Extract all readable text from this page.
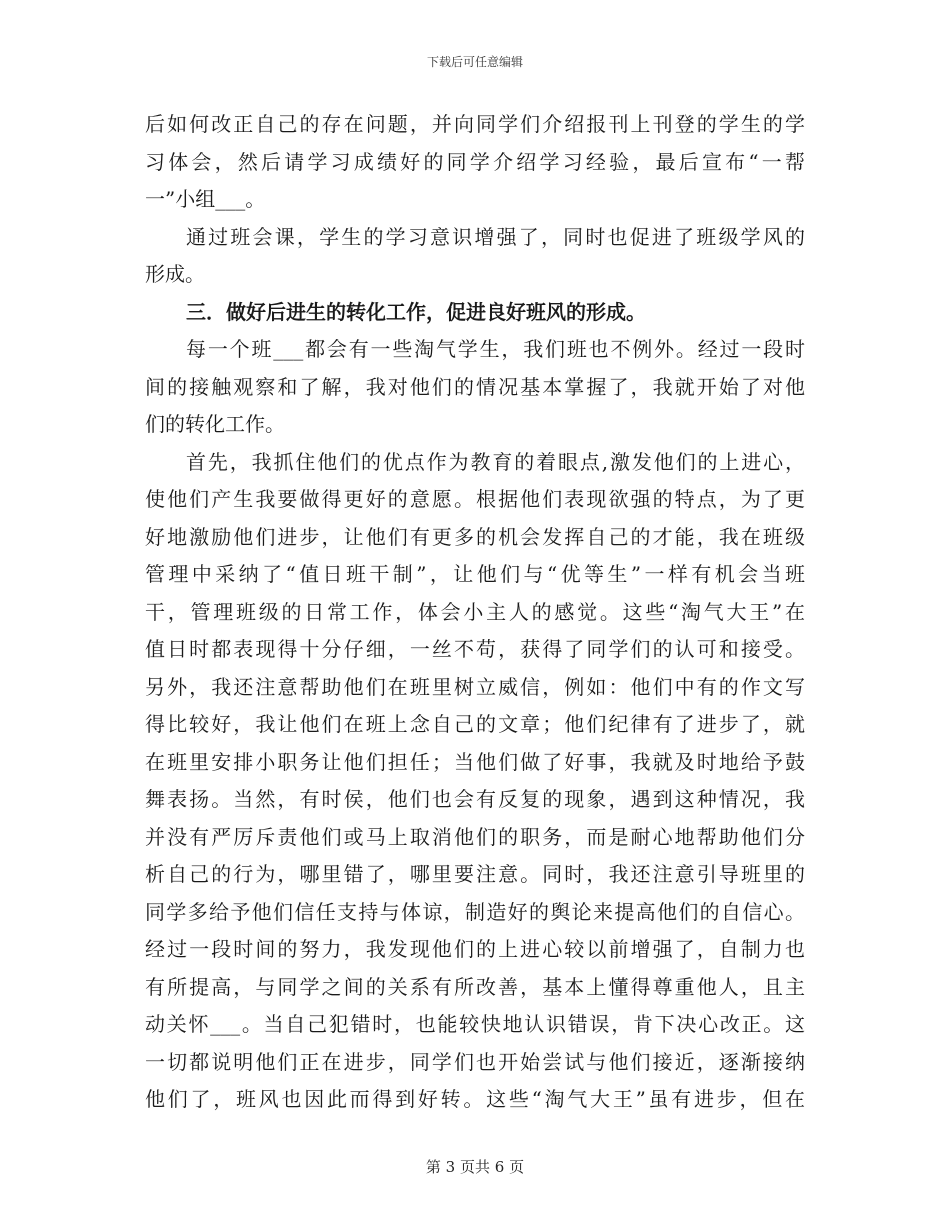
下载后可任意编辑
后如何改正自己的存在问题，并向同学们介绍报刊上刊登的学生的学
习体会，然后请学习成绩好的同学介绍学习经验，最后宣布“一帮
一”小组___。
通过班会课，学生的学习意识增强了，同时也促进了班级学风的
形成。
三．做好后进生的转化工作，促进良好班风的形成。
每一个班___都会有一些淘气学生，我们班也不例外。经过一段时
间的接触观察和了解，我对他们的情况基本掌握了，我就开始了对他
们的转化工作。
首先，我抓住他们的优点作为教育的着眼点,激发他们的上进心，
使他们产生我要做得更好的意愿。根据他们表现欲强的特点，为了更
好地激励他们进步，让他们有更多的机会发挥自己的才能，我在班级
管理中采纳了“值日班干制”，让他们与“优等生”一样有机会当班
干，管理班级的日常工作，体会小主人的感觉。这些“淘气大王”在
值日时都表现得十分仔细，一丝不苟，获得了同学们的认可和接受。
另外，我还注意帮助他们在班里树立威信，例如：他们中有的作文写
得比较好，我让他们在班上念自己的文章；他们纪律有了进步了，就
在班里安排小职务让他们担任；当他们做了好事，我就及时地给予鼓
舞表扬。当然，有时侯，他们也会有反复的现象，遇到这种情况，我
并没有严厉斥责他们或马上取消他们的职务，而是耐心地帮助他们分
析自己的行为，哪里错了，哪里要注意。同时，我还注意引导班里的
同学多给予他们信任支持与体谅，制造好的舆论来提高他们的自信心。
经过一段时间的努力，我发现他们的上进心较以前增强了，自制力也
有所提高，与同学之间的关系有所改善，基本上懂得尊重他人，且主
动关怀___。当自己犯错时，也能较快地认识错误，肯下决心改正。这
一切都说明他们正在进步，同学们也开始尝试与他们接近，逐渐接纳
他们了，班风也因此而得到好转。这些“淘气大王”虽有进步，但在
第 3 页共 6 页
